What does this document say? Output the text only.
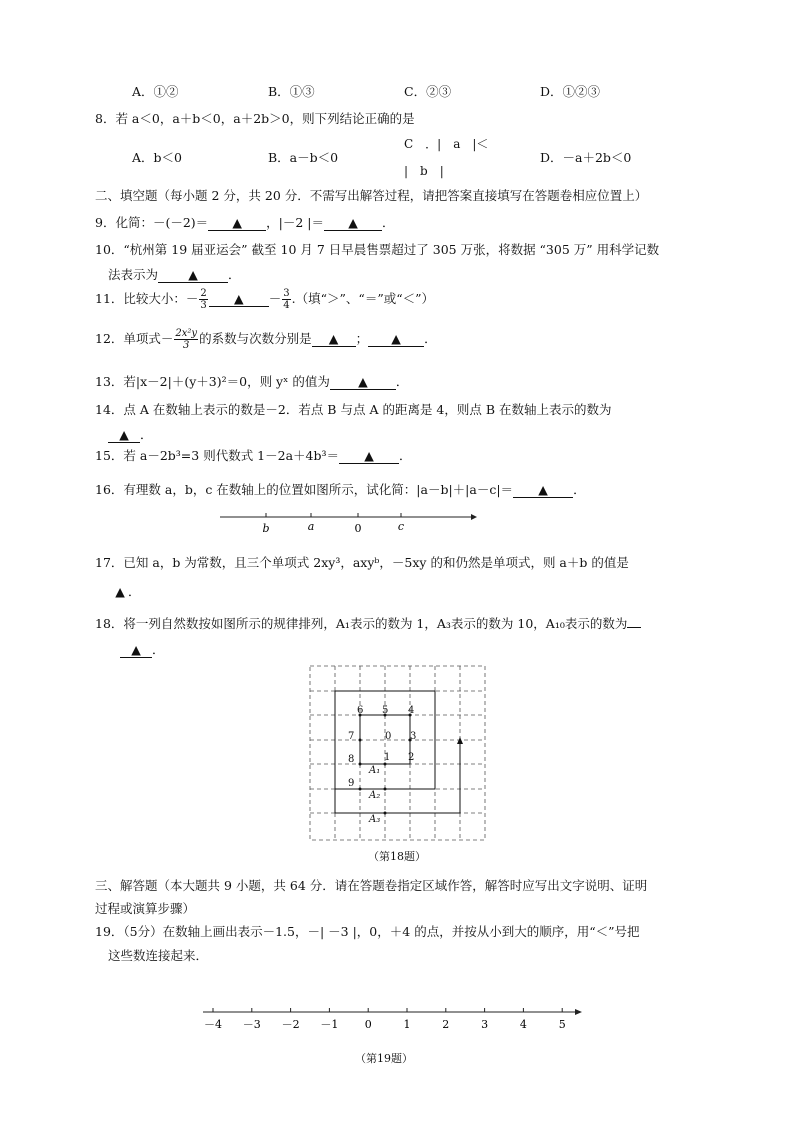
A．①②	B．①③	C．②③	D．①②③
8．若 a＜0，a＋b＜0，a＋2b＞0，则下列结论正确的是
A．b＜0	B．a－b＜0
C　．|　a　|＜
|　b　|
D．－a＋2b＜0
二、填空题（每小题 2 分，共 20 分．不需写出解答过程，请把答案直接填写在答题卷相应位置上）
9．化简：－(－2)＝ ▲ ，|－2 |＝ ▲ ．
10．“杭州第 19 届亚运会” 截至 10 月 7 日早晨售票超过了 305 万张，将数据 “305 万” 用科学记数
法表示为 ▲ ．
11．比较大小：－ $\frac{2}{3}$ ▲ － $\frac{3}{4}$ .（填“＞”、“＝”或“＜”）
12．单项式－ $\frac{\text{2x²y}}{3}$ 的系数与次数分别是 ▲ ； ▲ ．
13．若|x－2|＋(y＋3)²＝0，则 yˣ 的值为 ▲ ．
14．点 A 在数轴上表示的数是－2．若点 B 与点 A 的距离是 4，则点 B 在数轴上表示的数为
▲ ．
15．若 a－2b³=3 则代数式 1－2a＋4b³＝ ▲ ．
16．有理数 a，b，c 在数轴上的位置如图所示，试化简：|a－b|＋|a－c|＝ ▲ ．
b	a	0	c
17．已知 a，b 为常数，且三个单项式 2xy³，axyᵇ，－5xy 的和仍然是单项式，则 a＋b 的值是
▲ ．
18．将一列自然数按如图所示的规律排列，A₁表示的数为 1，A₃表示的数为 10，A₁₀表示的数为
▲ ．
6 5 4
7	0 3
8	1 2
9
A₁
A₂
A₃
（第18题）
三、解答题（本大题共 9 小题，共 64 分．请在答题卷指定区域作答，解答时应写出文字说明、证明
过程或演算步骤）
19．（5分）在数轴上画出表示－1.5，－| －3 |，0，＋4 的点，并按从小到大的顺序，用“＜”号把
这些数连接起来．
－4 －3 －2 －1 0	1	2	3	4	5
（第19题）
